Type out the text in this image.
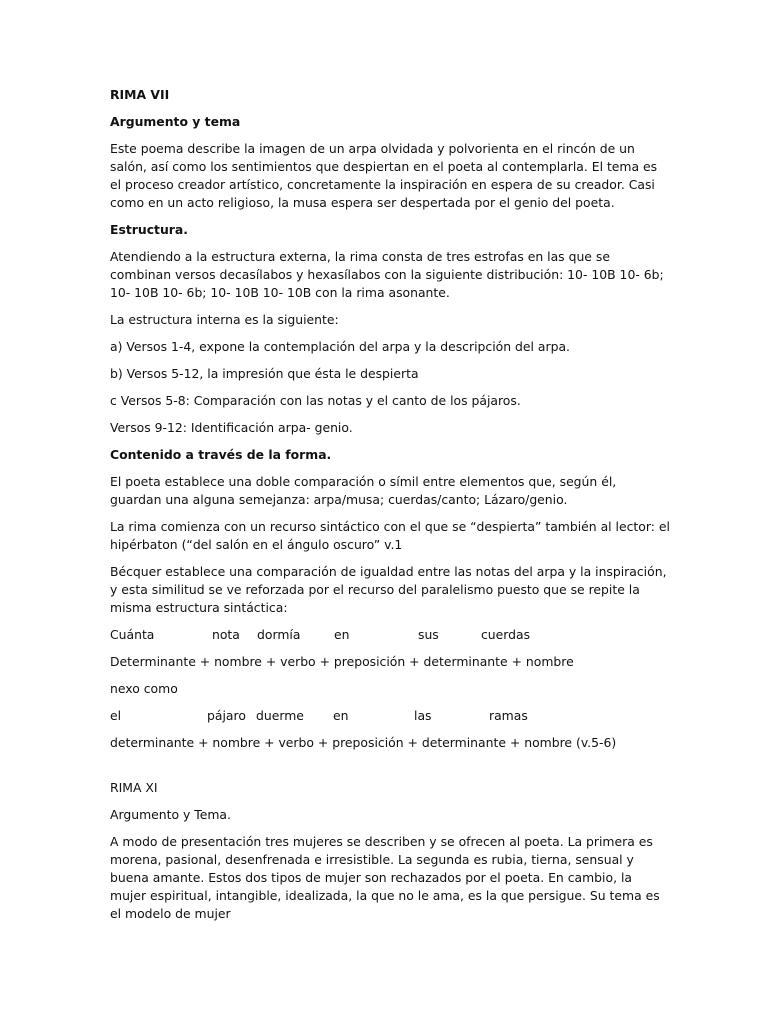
RIMA VII

Argumento y tema

Este poema describe la imagen de un arpa olvidada y polvorienta en el rincón de un salón, así como los sentimientos que despiertan en el poeta al contemplarla. El tema es el proceso creador artístico, concretamente la inspiración en espera de su creador. Casi como en un acto religioso, la musa espera ser despertada por el genio del poeta.

Estructura.

Atendiendo a la estructura externa, la rima consta de tres estrofas en las que se combinan versos decasílabos y hexasílabos con la siguiente distribución: 10- 10B 10- 6b; 10- 10B 10- 6b; 10- 10B 10- 10B con la rima asonante.

La estructura interna es la siguiente:

a) Versos 1-4, expone la contemplación del arpa y la descripción del arpa.

b) Versos 5-12, la impresión que ésta le despierta

c Versos 5-8: Comparación con las notas y el canto de los pájaros.

Versos 9-12: Identificación arpa- genio.

Contenido a través de la forma.

El poeta establece una doble comparación o símil entre elementos que, según él, guardan una alguna semejanza: arpa/musa; cuerdas/canto; Lázaro/genio.

La rima comienza con un recurso sintáctico con el que se “despierta” también al lector: el hipérbaton (“del salón en el ángulo oscuro” v.1

Bécquer establece una comparación de igualdad entre las notas del arpa y la inspiración, y esta similitud se ve reforzada por el recurso del paralelismo puesto que se repite la misma estructura sintáctica:

Cuánta	nota dormía	en	sus	cuerdas

Determinante + nombre + verbo + preposición + determinante + nombre

nexo como

el	pájaro duerme en	las	ramas

determinante + nombre + verbo + preposición + determinante + nombre (v.5-6)

RIMA XI

Argumento y Tema.

A modo de presentación tres mujeres se describen y se ofrecen al poeta. La primera es morena, pasional, desenfrenada e irresistible. La segunda es rubia, tierna, sensual y buena amante. Estos dos tipos de mujer son rechazados por el poeta. En cambio, la mujer espiritual, intangible, idealizada, la que no le ama, es la que persigue. Su tema es el modelo de mujer
